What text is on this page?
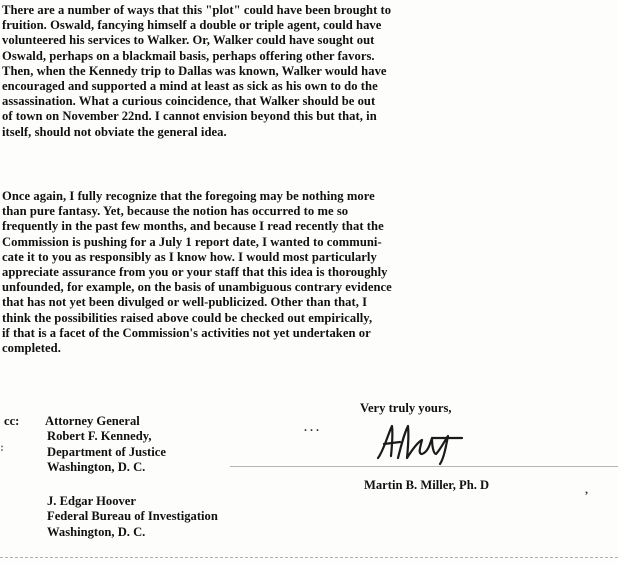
There are a number of ways that this "plot" could have been brought to
fruition. Oswald, fancying himself a double or triple agent, could have
volunteered his services to Walker. Or, Walker could have sought out
Oswald, perhaps on a blackmail basis, perhaps offering other favors.
Then, when the Kennedy trip to Dallas was known, Walker would have
encouraged and supported a mind at least as sick as his own to do the
assassination. What a curious coincidence, that Walker should be out
of town on November 22nd. I cannot envision beyond this but that, in
itself, should not obviate the general idea.

Once again, I fully recognize that the foregoing may be nothing more
than pure fantasy. Yet, because the notion has occurred to me so
frequently in the past few months, and because I read recently that the
Commission is pushing for a July 1 report date, I wanted to communi-
cate it to you as responsibly as I know how. I would most particularly
appreciate assurance from you or your staff that this idea is thoroughly
unfounded, for example, on the basis of unambiguous contrary evidence
that has not yet been divulged or well-publicized. Other than that, I
think the possibilities raised above could be checked out empirically,
if that is a facet of the Commission's activities not yet undertaken or
completed.

cc: Attorney General
Robert F. Kennedy,
Department of Justice
Washington, D. C.
J. Edgar Hoover
Federal Bureau of Investigation
Washington, D. C.
Very truly yours,
Martin B. Miller, Ph. D
. . .
,
:
